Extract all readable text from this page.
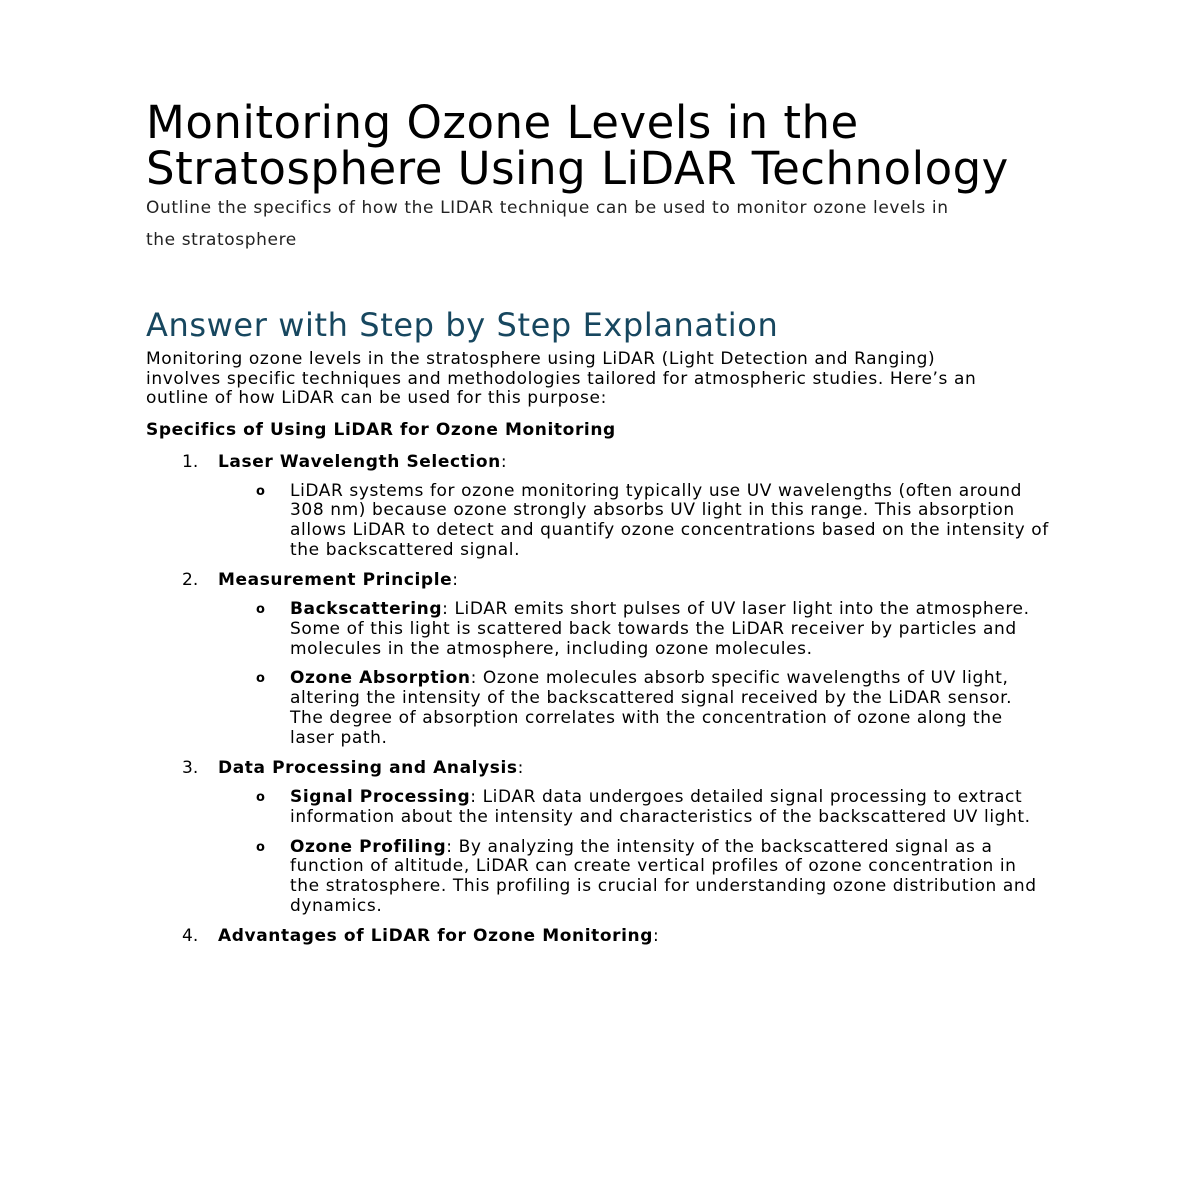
Monitoring Ozone Levels in the Stratosphere Using LiDAR Technology

Outline the specifics of how the LIDAR technique can be used to monitor ozone levels in the stratosphere

Answer with Step by Step Explanation

Monitoring ozone levels in the stratosphere using LiDAR (Light Detection and Ranging) involves specific techniques and methodologies tailored for atmospheric studies. Here’s an outline of how LiDAR can be used for this purpose:

Specifics of Using LiDAR for Ozone Monitoring
1. Laser Wavelength Selection:
o LiDAR systems for ozone monitoring typically use UV wavelengths (often around 308 nm) because ozone strongly absorbs UV light in this range. This absorption allows LiDAR to detect and quantify ozone concentrations based on the intensity of the backscattered signal.
2. Measurement Principle:
o Backscattering: LiDAR emits short pulses of UV laser light into the atmosphere. Some of this light is scattered back towards the LiDAR receiver by particles and molecules in the atmosphere, including ozone molecules.
o Ozone Absorption: Ozone molecules absorb specific wavelengths of UV light, altering the intensity of the backscattered signal received by the LiDAR sensor. The degree of absorption correlates with the concentration of ozone along the laser path.
3. Data Processing and Analysis:
o Signal Processing: LiDAR data undergoes detailed signal processing to extract information about the intensity and characteristics of the backscattered UV light.
o Ozone Profiling: By analyzing the intensity of the backscattered signal as a function of altitude, LiDAR can create vertical profiles of ozone concentration in the stratosphere. This profiling is crucial for understanding ozone distribution and dynamics.
4. Advantages of LiDAR for Ozone Monitoring:
